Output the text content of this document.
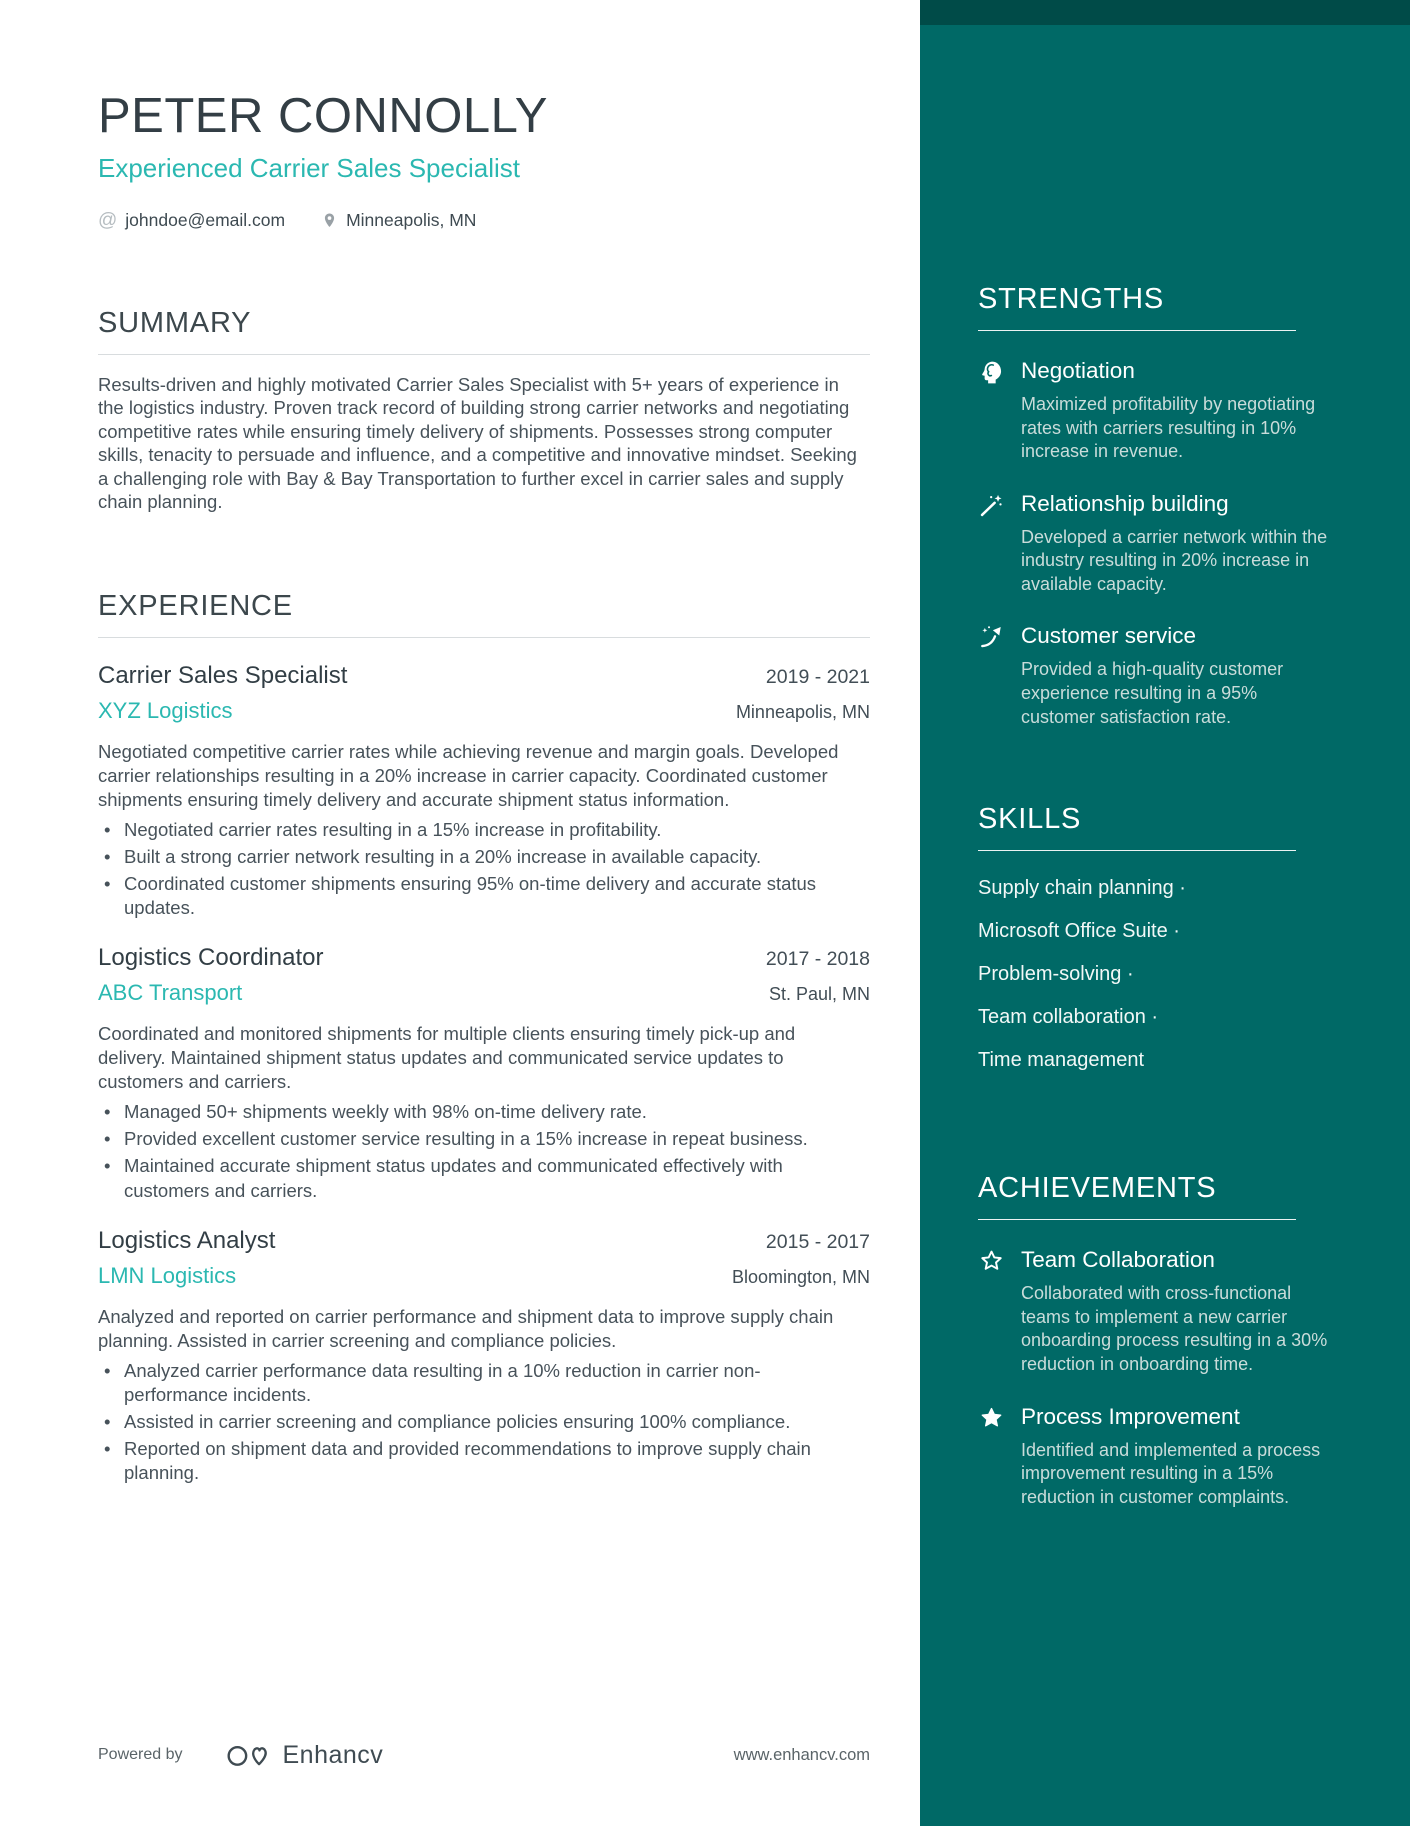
PETER CONNOLLY
Experienced Carrier Sales Specialist
@ johndoe@email.com	Minneapolis, MN
SUMMARY

Results-driven and highly motivated Carrier Sales Specialist with 5+ years of experience in the logistics industry. Proven track record of building strong carrier networks and negotiating competitive rates while ensuring timely delivery of shipments. Possesses strong computer skills, tenacity to persuade and influence, and a competitive and innovative mindset. Seeking a challenging role with Bay & Bay Transportation to further excel in carrier sales and supply chain planning.

EXPERIENCE
Carrier Sales Specialist	2019 - 2021
XYZ Logistics	Minneapolis, MN

Negotiated competitive carrier rates while achieving revenue and margin goals. Developed carrier relationships resulting in a 20% increase in carrier capacity. Coordinated customer shipments ensuring timely delivery and accurate shipment status information.

• Negotiated carrier rates resulting in a 15% increase in profitability.
• Built a strong carrier network resulting in a 20% increase in available capacity.
• Coordinated customer shipments ensuring 95% on-time delivery and accurate status updates.
Logistics Coordinator	2017 - 2018
ABC Transport	St. Paul, MN

Coordinated and monitored shipments for multiple clients ensuring timely pick-up and delivery. Maintained shipment status updates and communicated service updates to customers and carriers.

• Managed 50+ shipments weekly with 98% on-time delivery rate.
• Provided excellent customer service resulting in a 15% increase in repeat business.
• Maintained accurate shipment status updates and communicated effectively with customers and carriers.
Logistics Analyst	2015 - 2017
LMN Logistics	Bloomington, MN

Analyzed and reported on carrier performance and shipment data to improve supply chain planning. Assisted in carrier screening and compliance policies.

• Analyzed carrier performance data resulting in a 10% reduction in carrier non-performance incidents.
• Assisted in carrier screening and compliance policies ensuring 100% compliance.
• Reported on shipment data and provided recommendations to improve supply chain planning.
Powered by	Enhancv	www.enhancv.com
STRENGTHS
Negotiation
Maximized profitability by negotiating rates with carriers resulting in 10% increase in revenue.
Relationship building
Developed a carrier network within the industry resulting in 20% increase in available capacity.
Customer service
Provided a high-quality customer experience resulting in a 95% customer satisfaction rate.
SKILLS
Supply chain planning ·
Microsoft Office Suite ·
Problem-solving ·
Team collaboration ·
Time management
ACHIEVEMENTS
Team Collaboration
Collaborated with cross-functional teams to implement a new carrier onboarding process resulting in a 30% reduction in onboarding time.
Process Improvement
Identified and implemented a process improvement resulting in a 15% reduction in customer complaints.
